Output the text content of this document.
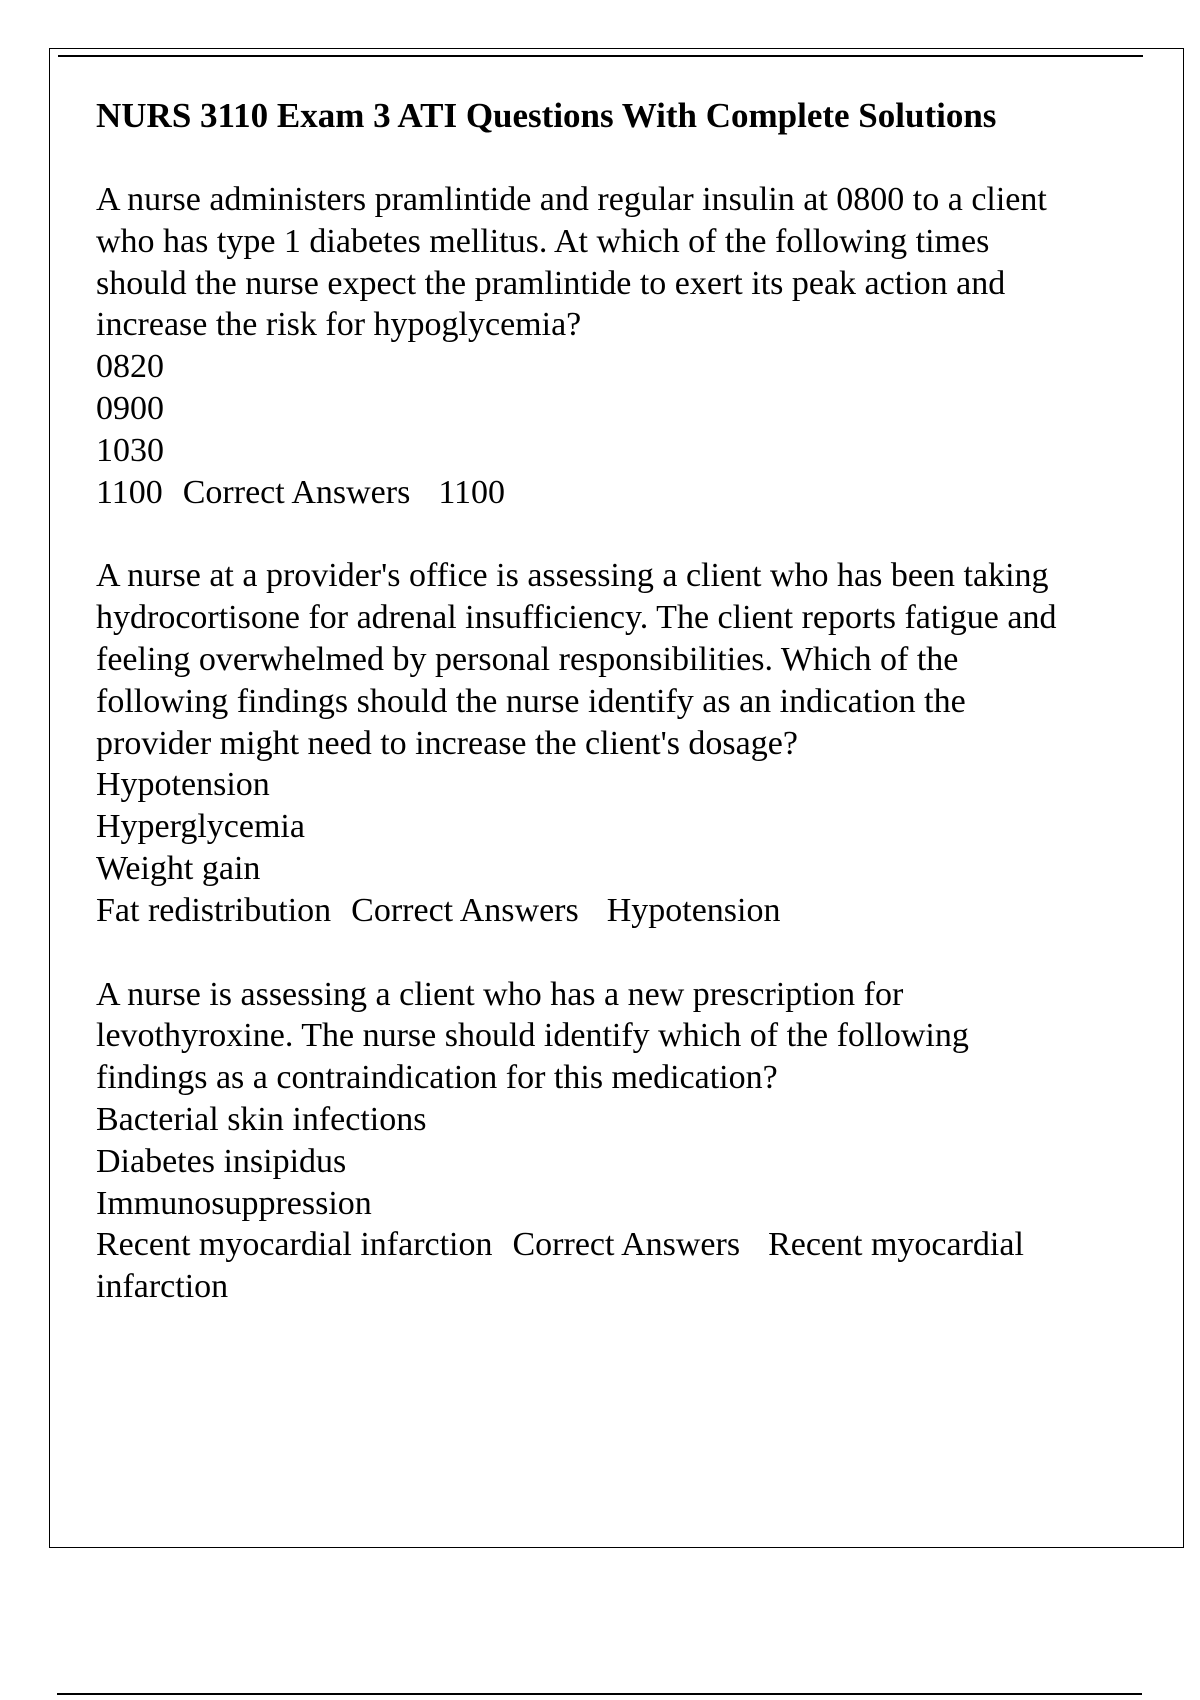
NURS 3110 Exam 3 ATI Questions With Complete Solutions

A nurse administers pramlintide and regular insulin at 0800 to a client who has type 1 diabetes mellitus. At which of the following times should the nurse expect the pramlintide to exert its peak action and increase the risk for hypoglycemia?

0820

0900

1030

1100 Correct Answers 1100

A nurse at a provider's office is assessing a client who has been taking hydrocortisone for adrenal insufficiency. The client reports fatigue and feeling overwhelmed by personal responsibilities. Which of the following findings should the nurse identify as an indication the provider might need to increase the client's dosage?

Hypotension

Hyperglycemia

Weight gain

Fat redistribution Correct Answers Hypotension

A nurse is assessing a client who has a new prescription for levothyroxine. The nurse should identify which of the following findings as a contraindication for this medication?

Bacterial skin infections

Diabetes insipidus

Immunosuppression

Recent myocardial infarction Correct Answers Recent myocardial infarction
